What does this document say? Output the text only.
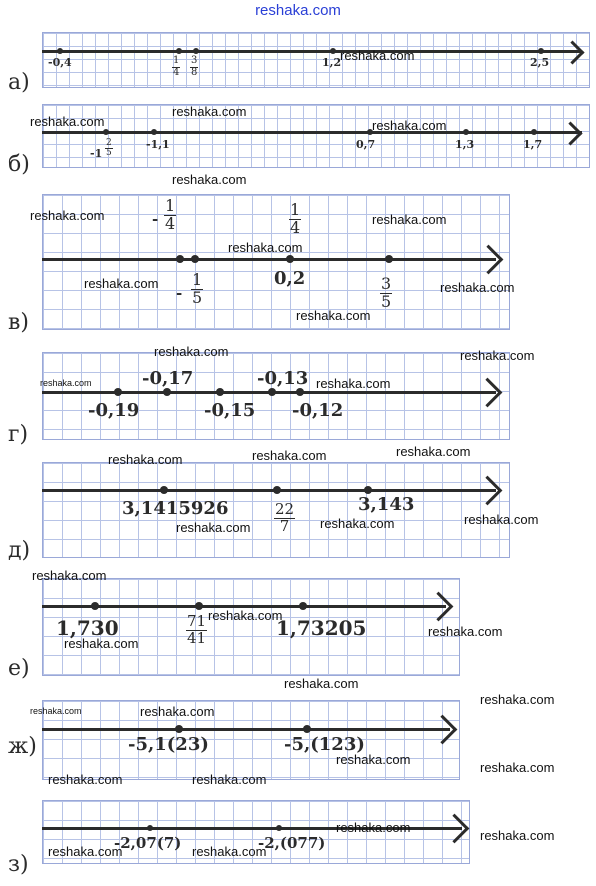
reshaka.com
-0,4	$\frac{1}{4} \frac{3}{8}$	1,2	2,5
а)
$-1 \frac{2}{5}$	-1,1	0,7	1,3	1,7
б)
- $\frac{1}{4}$
- $\frac{1}{5}$
$\frac{1}{4}$
0,2	$\frac{3}{5}$
в)
-0,19
-0,17
-0,15
-0,13
-0,12
г)
3,1415926	$\frac{22}{7}$	3,143
д)
1,730	$\frac{71}{41}$	1,73205
е)
-5,1(23)	-5,(123)
ж)
-2,07(7)	-2,(077)
з)
reshaka.com
reshaka.com
reshaka.com
reshaka.com
reshaka.com
reshaka.com	reshaka.com
reshaka.com
reshaka.com	reshaka.com
reshaka.com
reshaka.com	reshaka.com
reshaka.com	reshaka.com
reshaka.com	reshaka.com	reshaka.com
reshaka.com	reshaka.com	reshaka.com
reshaka.com
reshaka.com
reshaka.com
reshaka.com
reshaka.com
reshaka.com
reshaka.com	reshaka.com
reshaka.com
reshaka.com
reshaka.com	reshaka.com
reshaka.com
reshaka.com
reshaka.com	reshaka.com
